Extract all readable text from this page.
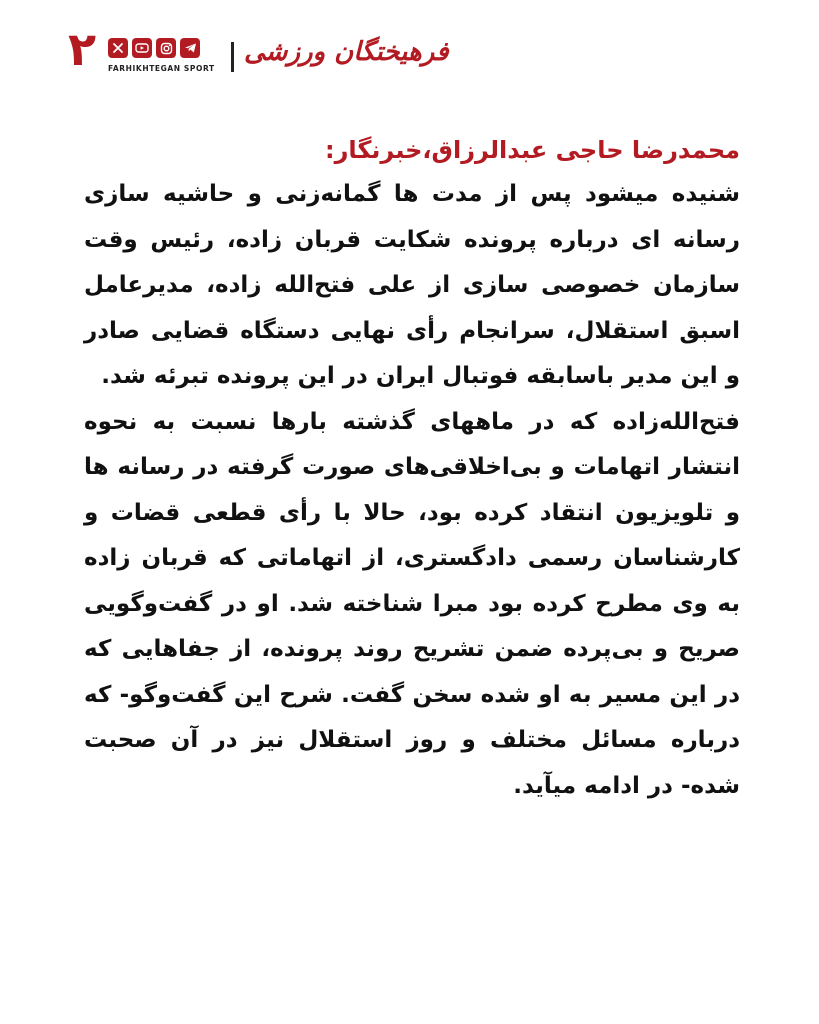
۲ FARHIKHTEGAN SPORT
فرهیختگان ورزشی

محمدرضا حاجی عبدالرزاق،خبرنگار:

شنیده میشود پس از مدت ها گمانه‌زنی و حاشیه سازی رسانه ای درباره پرونده شکایت قربان زاده، رئیس وقت سازمان خصوصی سازی از علی فتح‌الله زاده، مدیرعامل اسبق استقلال، سرانجام رأی نهایی دستگاه قضایی صادر و این مدیر باسابقه فوتبال ایران در این پرونده تبرئه شد.

فتح‌الله‌زاده که در ماههای گذشته بارها نسبت به نحوه انتشار اتهامات و بی‌اخلاقی‌های صورت گرفته در رسانه ها و تلویزیون انتقاد کرده بود، حالا با رأی قطعی قضات و کارشناسان رسمی دادگستری، از اتهاماتی که قربان زاده به وی مطرح کرده بود مبرا شناخته شد. او در گفت‌وگویی صریح و بی‌پرده ضمن تشریح روند پرونده، از جفاهایی که در این مسیر به او شده سخن گفت. شرح این گفت‌وگو- که درباره مسائل مختلف و روز استقلال نیز در آن صحبت شده- در ادامه میآید.
